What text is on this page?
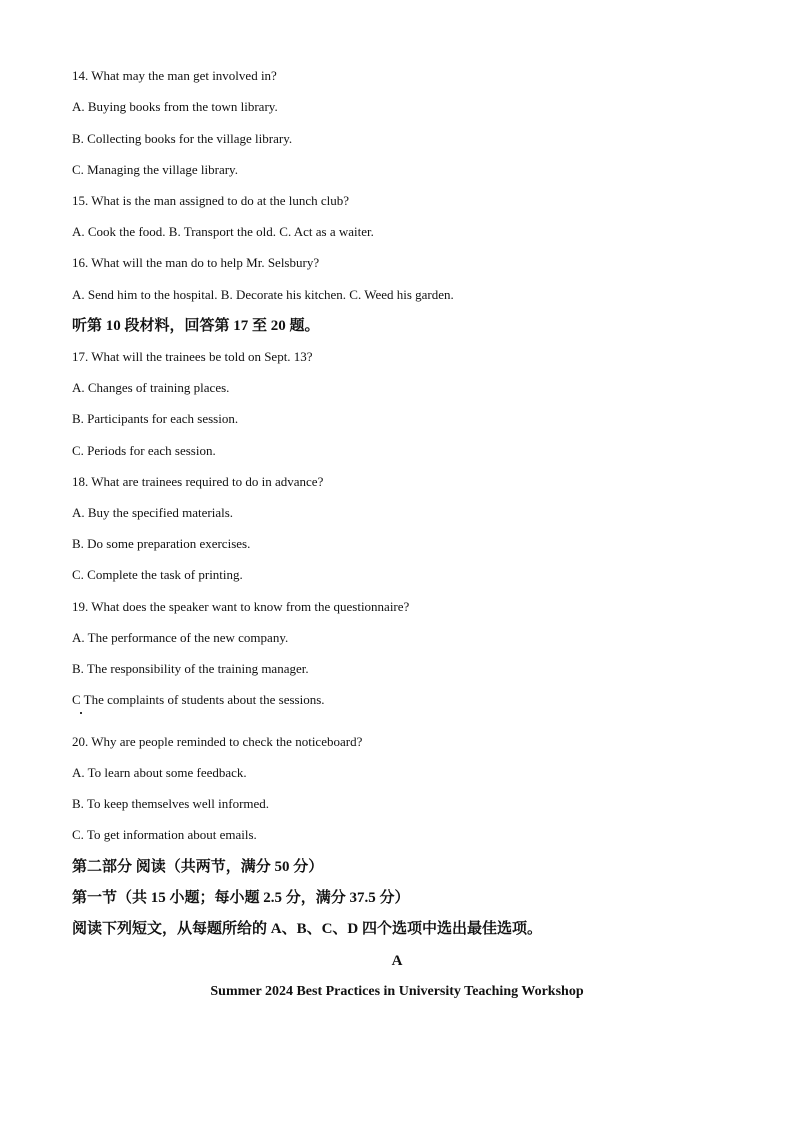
14. What may the man get involved in?
A. Buying books from the town library.
B. Collecting books for the village library.
C. Managing the village library.
15. What is the man assigned to do at the lunch club?
A. Cook the food. B. Transport the old. C. Act as a waiter.
16. What will the man do to help Mr. Selsbury?
A. Send him to the hospital. B. Decorate his kitchen. C. Weed his garden.
听第 10 段材料，回答第 17 至 20 题。
17. What will the trainees be told on Sept. 13?
A. Changes of training places.
B. Participants for each session.
C. Periods for each session.
18. What are trainees required to do in advance?
A. Buy the specified materials.
B. Do some preparation exercises.
C. Complete the task of printing.
19. What does the speaker want to know from the questionnaire?
A. The performance of the new company.
B. The responsibility of the training manager.
C The complaints of students about the sessions.
20. Why are people reminded to check the noticeboard?
A. To learn about some feedback.
B. To keep themselves well informed.
C. To get information about emails.
第二部分 阅读（共两节，满分 50 分）
第一节（共 15 小题；每小题 2.5 分，满分 37.5 分）
阅读下列短文，从每题所给的 A、B、C、D 四个选项中选出最佳选项。
A
Summer 2024 Best Practices in University Teaching Workshop
